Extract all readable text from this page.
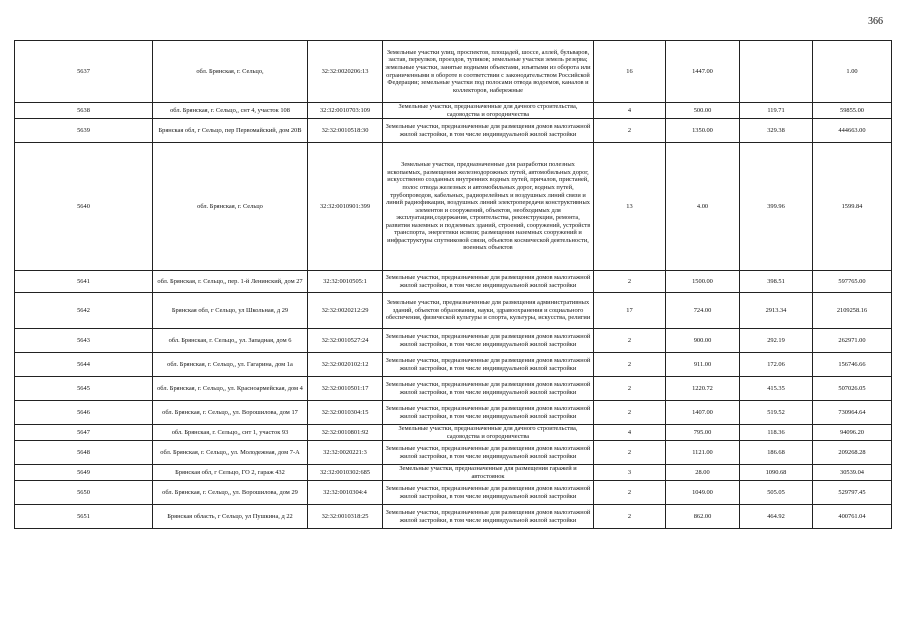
366
5637	обл. Брянская, г. Сельцо,	32:32:0020206:13	Земельные участки улиц, проспектов, площадей, шоссе, аллей, бульваров, застав, переулков, проездов, тупиков; земельные участки земель резерва; земельные участки, занятые водными объектами, изъятыми из оборота или ограниченными в обороте в соответствии с законодательством Российской Федерации; земельные участки под полосами отвода водоемов, каналов и коллекторов, набережные	16	1447.00		1.00
5638	обл. Брянская, г. Сельцо,, снт 4, участок 108	32:32:0010703:109	Земельные участки, предназначенные для дачного строительства, садоводства и огородничества	4	500.00	119.71	59855.00
5639	Брянская обл, г Сельцо, пер Первомайский, дом 20В	32:32:0010518:30	Земельные участки, предназначенные для размещения домов малоэтажной жилой застройки, в том числе индивидуальной жилой застройки	2	1350.00	329.38	444663.00
5640	обл. Брянская, г. Сельцо	32:32:0010901:399	Земельные участки, предназначенные для разработки полезных ископаемых, размещения железнодорожных путей, автомобильных дорог, искусственно созданных внутренних водных путей, причалов, пристаней, полос отвода железных и автомобильных дорог, водных путей, трубопроводов, кабельных, радиорелейных и воздушных линий связи и линий радиофикации, воздушных линий электропередачи конструктивных элементов и сооружений, объектов, необходимых для эксплуатации,содержания, строительства, реконструкции, ремонта, развития наземных и подземных зданий, строений, сооружений, устройств транспорта, энергетики исвязи; размещения наземных сооружений и инфраструктуры спутниковой связи, объектов космической деятельности, военных объектов	13	4.00	399.96	1599.84
5641	обл. Брянская, г. Сельцо,, пер. 1-й Ленинский, дом 27	32:32:0010505:1	Земельные участки, предназначенные для размещения домов малоэтажной жилой застройки, в том числе индивидуальной жилой застройки	2	1500.00	398.51	597765.00
5642	Брянская обл, г Сельцо, ул Школьная, д 29	32:32:0020212:29	Земельные участки, предназначенные для размещения административных зданий, объектов образования, науки, здравоохранения и социального обеспечения, физической культуры и спорта, культуры, искусства, религии	17	724.00	2913.34	2109258.16
5643	обл. Брянская, г. Сельцо,, ул. Западная, дом 6	32:32:0010527:24	Земельные участки, предназначенные для размещения домов малоэтажной жилой застройки, в том числе индивидуальной жилой застройки	2	900.00	292.19	262971.00
5644	обл. Брянская, г. Сельцо,, ул. Гагарина, дом 1а	32:32:0020102:12	Земельные участки, предназначенные для размещения домов малоэтажной жилой застройки, в том числе индивидуальной жилой застройки	2	911.00	172.06	156746.66
5645	обл. Брянская, г. Сельцо,, ул. Красноармейская, дом 4	32:32:0010501:17	Земельные участки, предназначенные для размещения домов малоэтажной жилой застройки, в том числе индивидуальной жилой застройки	2	1220.72	415.35	507026.05
5646	обл. Брянская, г. Сельцо,, ул. Ворошилова, дом 17	32:32:0010304:15	Земельные участки, предназначенные для размещения домов малоэтажной жилой застройки, в том числе индивидуальной жилой застройки	2	1407.00	519.52	730964.64
5647	обл. Брянская, г. Сельцо,, снт 1, участок 93	32:32:0010801:92	Земельные участки, предназначенные для дачного строительства, садоводства и огородничества	4	795.00	118.36	94096.20
5648	обл. Брянская, г. Сельцо,, ул. Молодежная, дом 7-А	32:32:0020221:3	Земельные участки, предназначенные для размещения домов малоэтажной жилой застройки, в том числе индивидуальной жилой застройки	2	1121.00	186.68	209268.28
5649	Брянская обл, г Сельцо, ГО 2, гараж 432	32:32:0010302:685	Земельные участки, предназначенные для размещения гаражей и автостоянок	3	28.00	1090.68	30539.04
5650	обл. Брянская, г. Сельцо,, ул. Ворошилова, дом 29	32:32:0010304:4	Земельные участки, предназначенные для размещения домов малоэтажной жилой застройки, в том числе индивидуальной жилой застройки	2	1049.00	505.05	529797.45
5651	Брянская область, г Сельцо, ул Пушкина, д 22	32:32:0010318:25	Земельные участки, предназначенные для размещения домов малоэтажной жилой застройки, в том числе индивидуальной жилой застройки	2	862.00	464.92	400761.04
